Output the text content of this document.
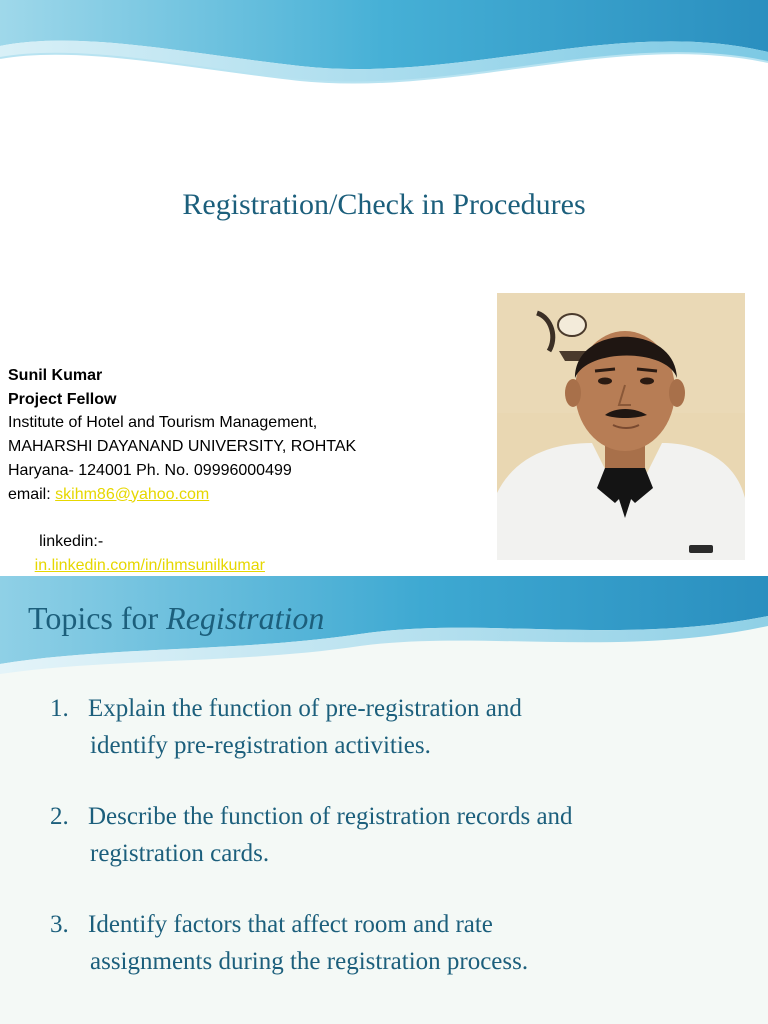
Registration/Check in Procedures
Sunil Kumar
Project Fellow
Institute of Hotel and Tourism Management,
MAHARSHI DAYANAND UNIVERSITY, ROHTAK
Haryana- 124001 Ph. No. 09996000499
email: skihm86@yahoo.com

linkedin:-
in.linkedin.com/in/ihmsunilkumar

Topics for Registration
1. Explain the function of pre-registration and
identify pre-registration activities.
2. Describe the function of registration records and
registration cards.
3. Identify factors that affect room and rate
assignments during the registration process.
